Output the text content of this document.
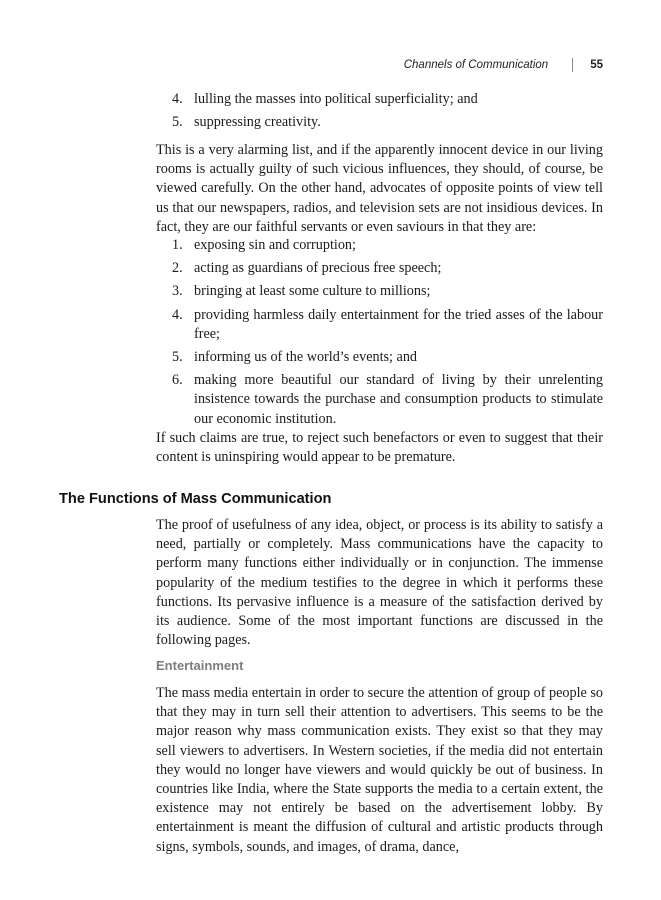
Channels of Communication	55
4. lulling the masses into political superficiality; and
5. suppressing creativity.

This is a very alarming list, and if the apparently innocent device in our living rooms is actually guilty of such vicious influences, they should, of course, be viewed carefully. On the other hand, advocates of opposite points of view tell us that our newspapers, radios, and television sets are not insidious devices. In fact, they are our faithful servants or even saviours in that they are:

1. exposing sin and corruption;
2. acting as guardians of precious free speech;
3. bringing at least some culture to millions;
4. providing harmless daily entertainment for the tried asses of the labour free;
5. informing us of the world’s events; and
6. making more beautiful our standard of living by their unrelenting insistence towards the purchase and consumption products to stimulate our economic institution.

If such claims are true, to reject such benefactors or even to suggest that their content is uninspiring would appear to be premature.

The Functions of Mass Communication

The proof of usefulness of any idea, object, or process is its ability to satisfy a need, partially or completely. Mass communications have the capacity to perform many functions either individually or in conjunction. The immense popularity of the medium testifies to the degree in which it performs these functions. Its pervasive influence is a measure of the satisfaction derived by its audience. Some of the most important functions are discussed in the following pages.

Entertainment

The mass media entertain in order to secure the attention of group of people so that they may in turn sell their attention to advertisers. This seems to be the major reason why mass communication exists. They exist so that they may sell viewers to advertisers. In Western societies, if the media did not entertain they would no longer have viewers and would quickly be out of business. In countries like India, where the State supports the media to a certain extent, the existence may not entirely be based on the advertisement lobby. By entertainment is meant the diffusion of cultural and artistic products through signs, symbols, sounds, and images, of drama, dance,
